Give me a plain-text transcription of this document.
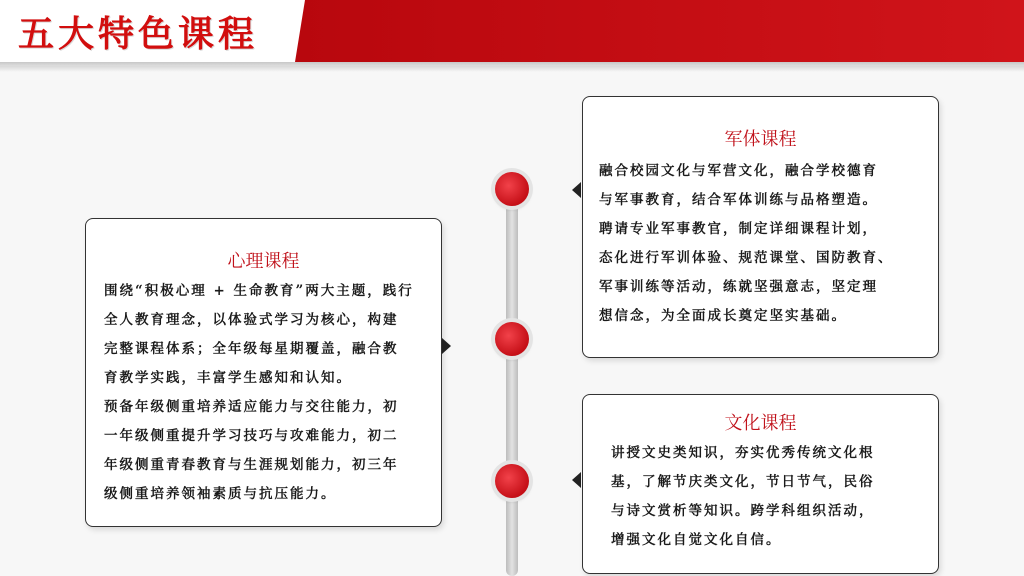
五大特色课程
军体课程
融合校园文化与军营文化，融合学校德育
与军事教育，结合军体训练与品格塑造。
聘请专业军事教官，制定详细课程计划，
态化进行军训体验、规范课堂、国防教育、
军事训练等活动，练就坚强意志，坚定理
想信念，为全面成长奠定坚实基础。
心理课程
围绕“积极心理 + 生命教育”两大主题，践行
全人教育理念，以体验式学习为核心，构建
完整课程体系；全年级每星期覆盖，融合教
育教学实践，丰富学生感知和认知。
预备年级侧重培养适应能力与交往能力，初
一年级侧重提升学习技巧与攻难能力，初二
年级侧重青春教育与生涯规划能力，初三年
级侧重培养领袖素质与抗压能力。
文化课程
讲授文史类知识，夯实优秀传统文化根
基，了解节庆类文化，节日节气，民俗
与诗文赏析等知识。跨学科组织活动，
增强文化自觉文化自信。
